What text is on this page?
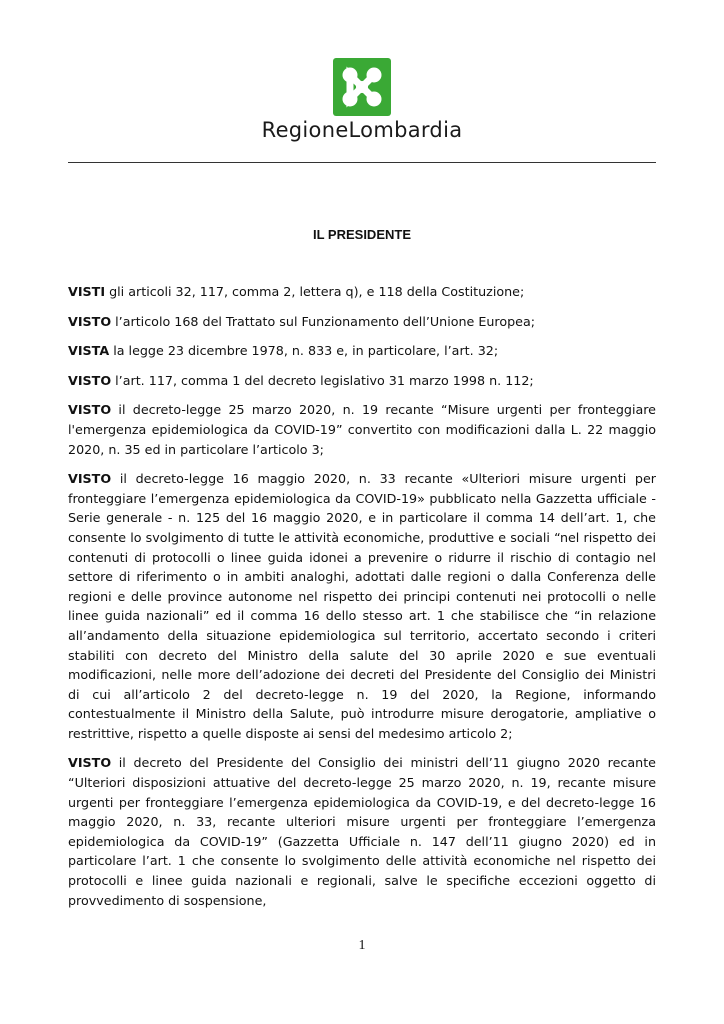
RegioneLombardia
IL PRESIDENTE

VISTI gli articoli 32, 117, comma 2, lettera q), e 118 della Costituzione;

VISTO l’articolo 168 del Trattato sul Funzionamento dell’Unione Europea;

VISTA la legge 23 dicembre 1978, n. 833 e, in particolare, l’art. 32;

VISTO l’art. 117, comma 1 del decreto legislativo 31 marzo 1998 n. 112;

VISTO il decreto-legge 25 marzo 2020, n. 19 recante “Misure urgenti per fronteggiare l'emergenza epidemiologica da COVID-19” convertito con modificazioni dalla L. 22 maggio 2020, n. 35 ed in particolare l’articolo 3;

VISTO il decreto-legge 16 maggio 2020, n. 33 recante «Ulteriori misure urgenti per fronteggiare l’emergenza epidemiologica da COVID-19» pubblicato nella Gazzetta ufficiale - Serie generale - n. 125 del 16 maggio 2020, e in particolare il comma 14 dell’art. 1, che consente lo svolgimento di tutte le attività economiche, produttive e sociali “nel rispetto dei contenuti di protocolli o linee guida idonei a prevenire o ridurre il rischio di contagio nel settore di riferimento o in ambiti analoghi, adottati dalle regioni o dalla Conferenza delle regioni e delle province autonome nel rispetto dei principi contenuti nei protocolli o nelle linee guida nazionali” ed il comma 16 dello stesso art. 1 che stabilisce che “in relazione all’andamento della situazione epidemiologica sul territorio, accertato secondo i criteri stabiliti con decreto del Ministro della salute del 30 aprile 2020 e sue eventuali modificazioni, nelle more dell’adozione dei decreti del Presidente del Consiglio dei Ministri di cui all’articolo 2 del decreto-legge n. 19 del 2020, la Regione, informando contestualmente il Ministro della Salute, può introdurre misure derogatorie, ampliative o restrittive, rispetto a quelle disposte ai sensi del medesimo articolo 2;

VISTO il decreto del Presidente del Consiglio dei ministri dell’11 giugno 2020 recante “Ulteriori disposizioni attuative del decreto-legge 25 marzo 2020, n. 19, recante misure urgenti per fronteggiare l’emergenza epidemiologica da COVID-19, e del decreto-legge 16 maggio 2020, n. 33, recante ulteriori misure urgenti per fronteggiare l’emergenza epidemiologica da COVID-19” (Gazzetta Ufficiale n. 147 dell’11 giugno 2020) ed in particolare l’art. 1 che consente lo svolgimento delle attività economiche nel rispetto dei protocolli e linee guida nazionali e regionali, salve le specifiche eccezioni oggetto di provvedimento di sospensione,

1
